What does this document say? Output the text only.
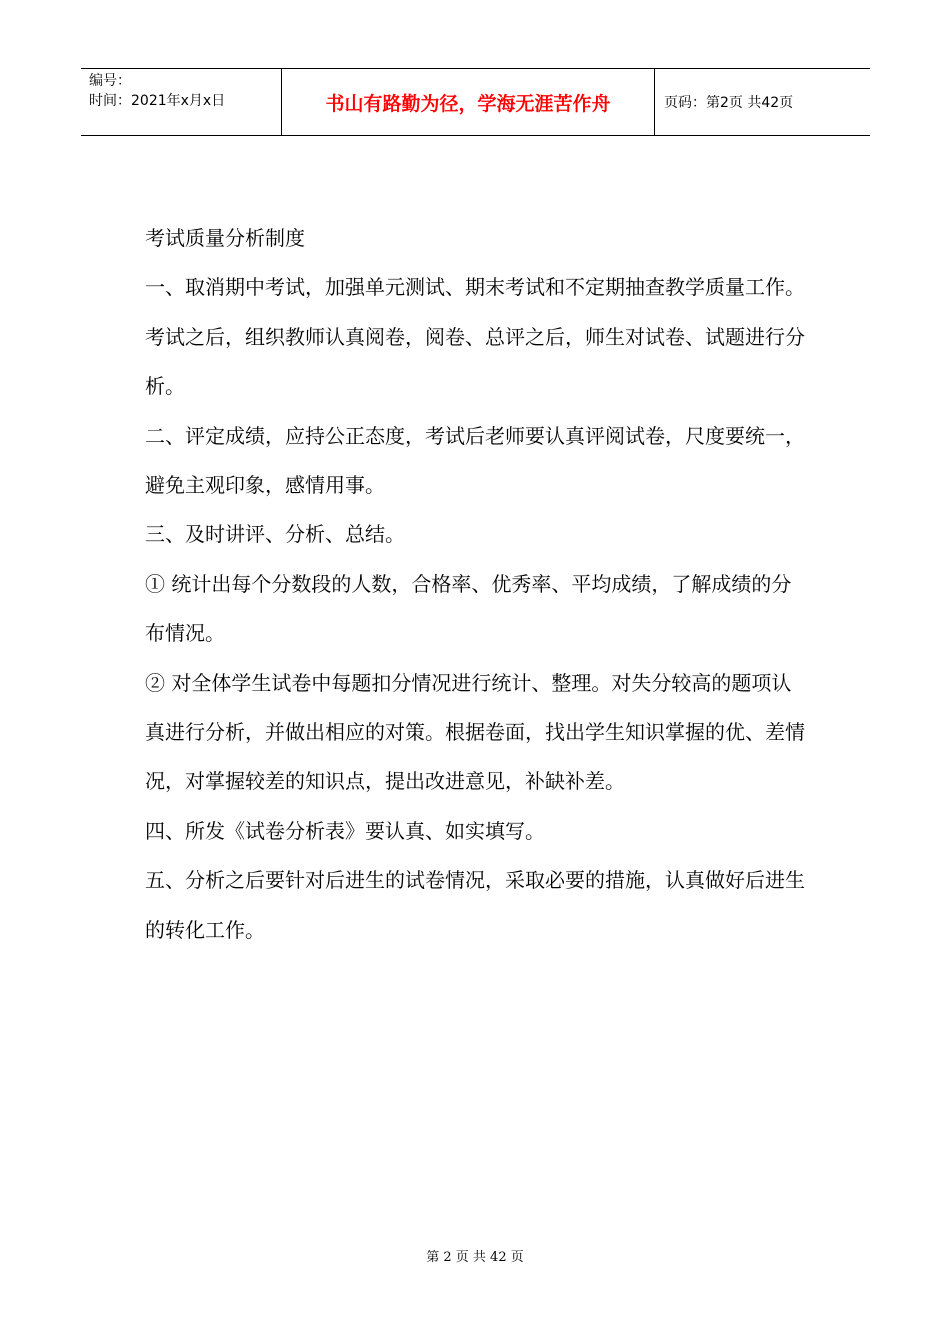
编号：
时间：2021年x月x日	书山有路勤为径，学海无涯苦作舟	页码：第2页 共42页

考试质量分析制度

一、取消期中考试，加强单元测试、期末考试和不定期抽查教学质量工作。考试之后，组织教师认真阅卷，阅卷、总评之后，师生对试卷、试题进行分析。

二、评定成绩，应持公正态度，考试后老师要认真评阅试卷，尺度要统一，避免主观印象，感情用事。

三、及时讲评、分析、总结。

① 统计出每个分数段的人数，合格率、优秀率、平均成绩，了解成绩的分布情况。

② 对全体学生试卷中每题扣分情况进行统计、整理。对失分较高的题项认真进行分析，并做出相应的对策。根据卷面，找出学生知识掌握的优、差情况，对掌握较差的知识点，提出改进意见，补缺补差。

四、所发《试卷分析表》要认真、如实填写。

五、分析之后要针对后进生的试卷情况，采取必要的措施，认真做好后进生的转化工作。

第 2 页 共 42 页
